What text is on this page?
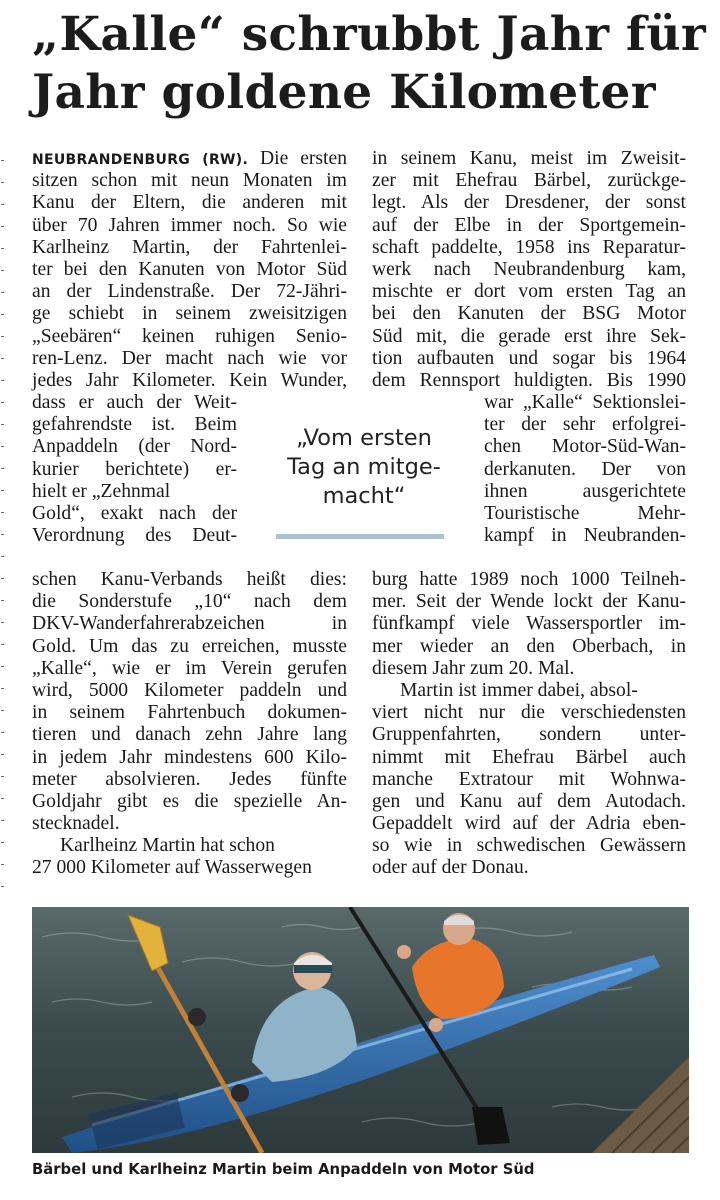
„Kalle“ schrubbt Jahr für
Jahr goldene Kilometer
NEUBRANDENBURG (RW). Die ersten
sitzen schon mit neun Monaten im
Kanu der Eltern, die anderen mit
über 70 Jahren immer noch. So wie
Karlheinz Martin, der Fahrtenlei-
ter bei den Kanuten von Motor Süd
an der Lindenstraße. Der 72-Jähri-
ge schiebt in seinem zweisitzigen
„Seebären“ keinen ruhigen Senio-
ren-Lenz. Der macht nach wie vor
jedes Jahr Kilometer. Kein Wunder,
dass er auch der Weit-
gefahrendste ist. Beim
Anpaddeln (der Nord-
kurier berichtete) er-
hielt er „Zehnmal
Gold“, exakt nach der
Verordnung des Deut-
schen Kanu-Verbands heißt dies:
die Sonderstufe „10“ nach dem
DKV-Wanderfahrerabzeichen in
Gold. Um das zu erreichen, musste
„Kalle“, wie er im Verein gerufen
wird, 5000 Kilometer paddeln und
in seinem Fahrtenbuch dokumen-
tieren und danach zehn Jahre lang
in jedem Jahr mindestens 600 Kilo-
meter absolvieren. Jedes fünfte
Goldjahr gibt es die spezielle An-
stecknadel.
Karlheinz Martin hat schon
27 000 Kilometer auf Wasserwegen
in seinem Kanu, meist im Zweisit-
zer mit Ehefrau Bärbel, zurückge-
legt. Als der Dresdener, der sonst
auf der Elbe in der Sportgemein-
schaft paddelte, 1958 ins Reparatur-
werk nach Neubrandenburg kam,
mischte er dort vom ersten Tag an
bei den Kanuten der BSG Motor
Süd mit, die gerade erst ihre Sek-
tion aufbauten und sogar bis 1964
dem Rennsport huldigten. Bis 1990
war „Kalle“ Sektionslei-
ter der sehr erfolgrei-
chen Motor-Süd-Wan-
derkanuten. Der von
ihnen ausgerichtete
Touristische Mehr-
kampf in Neubranden-
burg hatte 1989 noch 1000 Teilneh-
mer. Seit der Wende lockt der Kanu-
fünfkampf viele Wassersportler im-
mer wieder an den Oberbach, in
diesem Jahr zum 20. Mal.
Martin ist immer dabei, absol-
viert nicht nur die verschiedensten
Gruppenfahrten, sondern unter-
nimmt mit Ehefrau Bärbel auch
manche Extratour mit Wohnwa-
gen und Kanu auf dem Autodach.
Gepaddelt wird auf der Adria eben-
so wie in schwedischen Gewässern
oder auf der Donau.
„Vom ersten
Tag an mitge-
macht“
Bärbel und Karlheinz Martin beim Anpaddeln von Motor Süd
